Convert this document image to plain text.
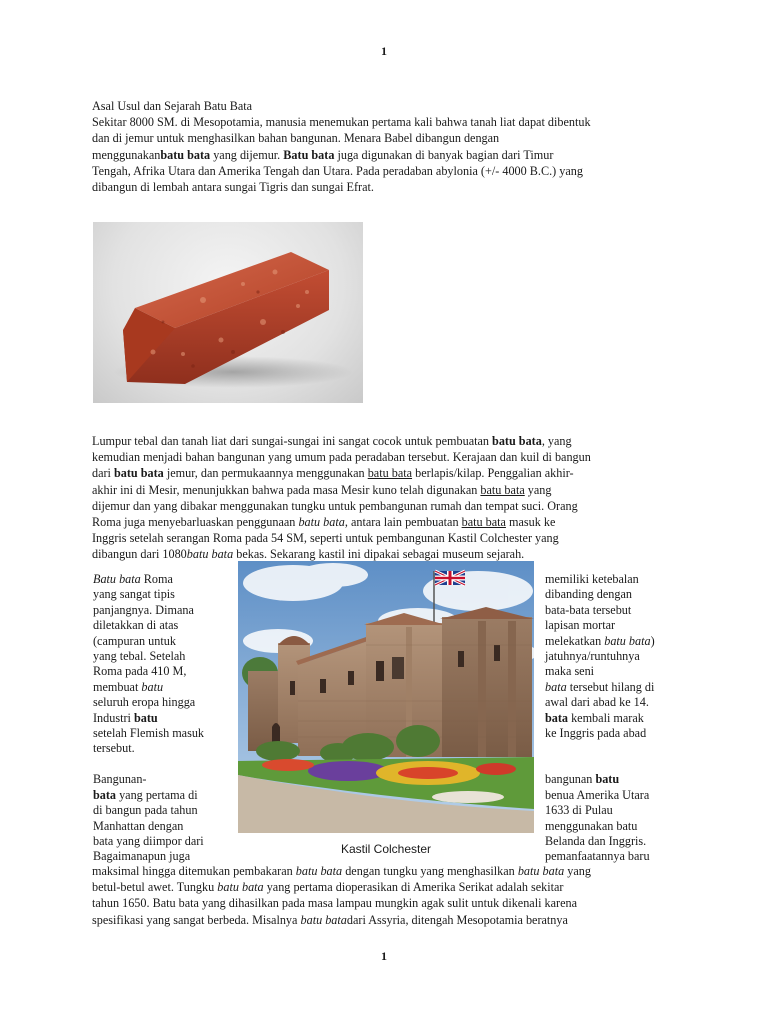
1
Asal Usul dan Sejarah Batu Bata
Sekitar 8000 SM. di Mesopotamia, manusia menemukan pertama kali bahwa tanah liat dapat dibentuk
dan di jemur untuk menghasilkan bahan bangunan. Menara Babel dibangun dengan
menggunakanbatu bata yang dijemur. Batu bata juga digunakan di banyak bagian dari Timur
Tengah, Afrika Utara dan Amerika Tengah dan Utara. Pada peradaban abylonia (+/- 4000 B.C.) yang
dibangun di lembah antara sungai Tigris dan sungai Efrat.
Lumpur tebal dan tanah liat dari sungai-sungai ini sangat cocok untuk pembuatan batu bata, yang
kemudian menjadi bahan bangunan yang umum pada peradaban tersebut. Kerajaan dan kuil di bangun
dari batu bata jemur, dan permukaannya menggunakan batu bata berlapis/kilap. Penggalian akhir-
akhir ini di Mesir, menunjukkan bahwa pada masa Mesir kuno telah digunakan batu bata yang
dijemur dan yang dibakar menggunakan tungku untuk pembangunan rumah dan tempat suci. Orang
Roma juga menyebarluaskan penggunaan batu bata, antara lain pembuatan batu bata masuk ke
Inggris setelah serangan Roma pada 54 SM, seperti untuk pembangunan Kastil Colchester yang
dibangun dari 1080batu bata bekas. Sekarang kastil ini dipakai sebagai museum sejarah.
Batu bata Roma
yang sangat tipis
panjangnya. Dimana
diletakkan di atas
(campuran untuk
yang tebal. Setelah
Roma pada 410 M,
membuat batu
seluruh eropa hingga
Industri batu
setelah Flemish masuk
tersebut.

Bangunan-
bata yang pertama di
di bangun pada tahun
Manhattan dengan
bata yang diimpor dari
Bagaimanapun juga
Kastil Colchester
memiliki ketebalan
dibanding dengan
bata-bata tersebut
lapisan mortar
melekatkan batu bata)
jatuhnya/runtuhnya
maka seni
bata tersebut hilang di
awal dari abad ke 14.
bata kembali marak
ke Inggris pada abad

bangunan batu
benua Amerika Utara
1633 di Pulau
menggunakan batu
Belanda dan Inggris.
pemanfaatannya baru
maksimal hingga ditemukan pembakaran batu bata dengan tungku yang menghasilkan batu bata yang
betul-betul awet. Tungku batu bata yang pertama dioperasikan di Amerika Serikat adalah sekitar
tahun 1650. Batu bata yang dihasilkan pada masa lampau mungkin agak sulit untuk dikenali karena
spesifikasi yang sangat berbeda. Misalnya batu batadari Assyria, ditengah Mesopotamia beratnya
1
